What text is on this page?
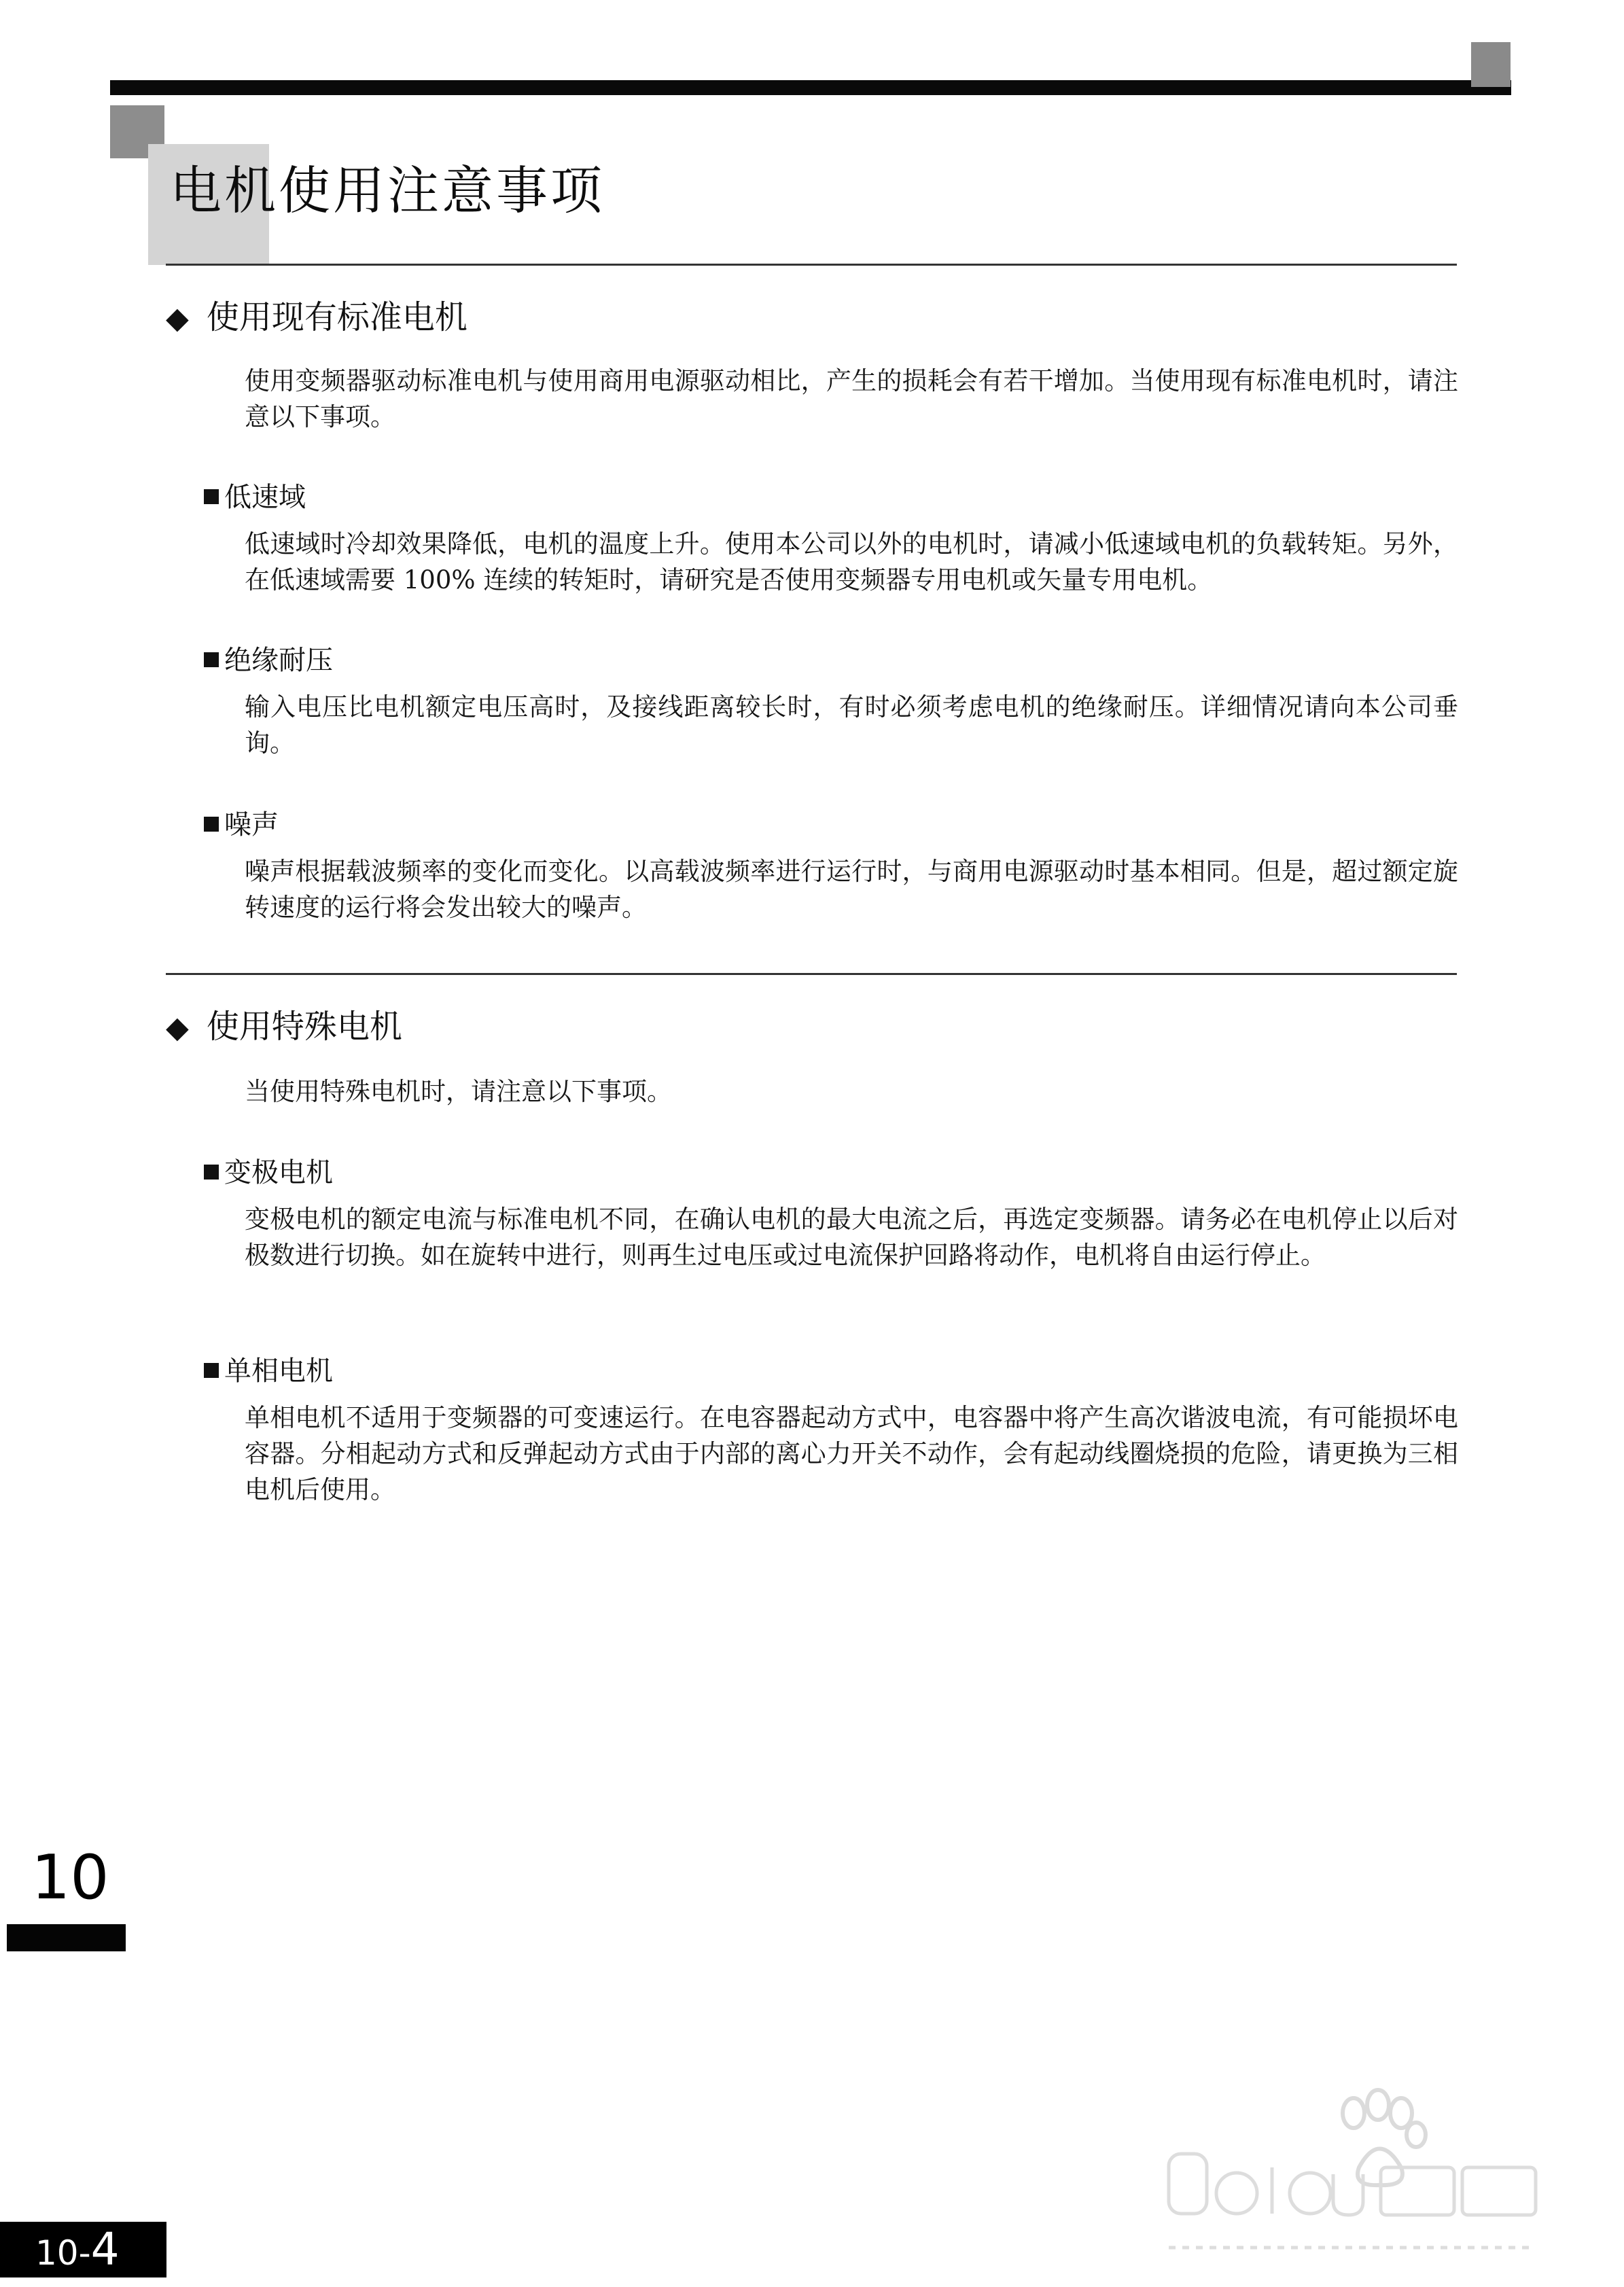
电机使用注意事项
◆ 使用现有标准电机
使用变频器驱动标准电机与使用商用电源驱动相比，产生的损耗会有若干增加。当使用现有标准电机时，请注意以下事项。
低速域
低速域时冷却效果降低，电机的温度上升。使用本公司以外的电机时，请减小低速域电机的负载转矩。另外，在低速域需要 100% 连续的转矩时，请研究是否使用变频器专用电机或矢量专用电机。
绝缘耐压
输入电压比电机额定电压高时，及接线距离较长时，有时必须考虑电机的绝缘耐压。详细情况请向本公司垂询。
噪声
噪声根据载波频率的变化而变化。以高载波频率进行运行时，与商用电源驱动时基本相同。但是，超过额定旋转速度的运行将会发出较大的噪声。
◆ 使用特殊电机
当使用特殊电机时，请注意以下事项。
变极电机
变极电机的额定电流与标准电机不同，在确认电机的最大电流之后，再选定变频器。请务必在电机停止以后对极数进行切换。如在旋转中进行，则再生过电压或过电流保护回路将动作，电机将自由运行停止。
单相电机
单相电机不适用于变频器的可变速运行。在电容器起动方式中，电容器中将产生高次谐波电流，有可能损坏电容器。分相起动方式和反弹起动方式由于内部的离心力开关不动作，会有起动线圈烧损的危险，请更换为三相电机后使用。
10
10-4
